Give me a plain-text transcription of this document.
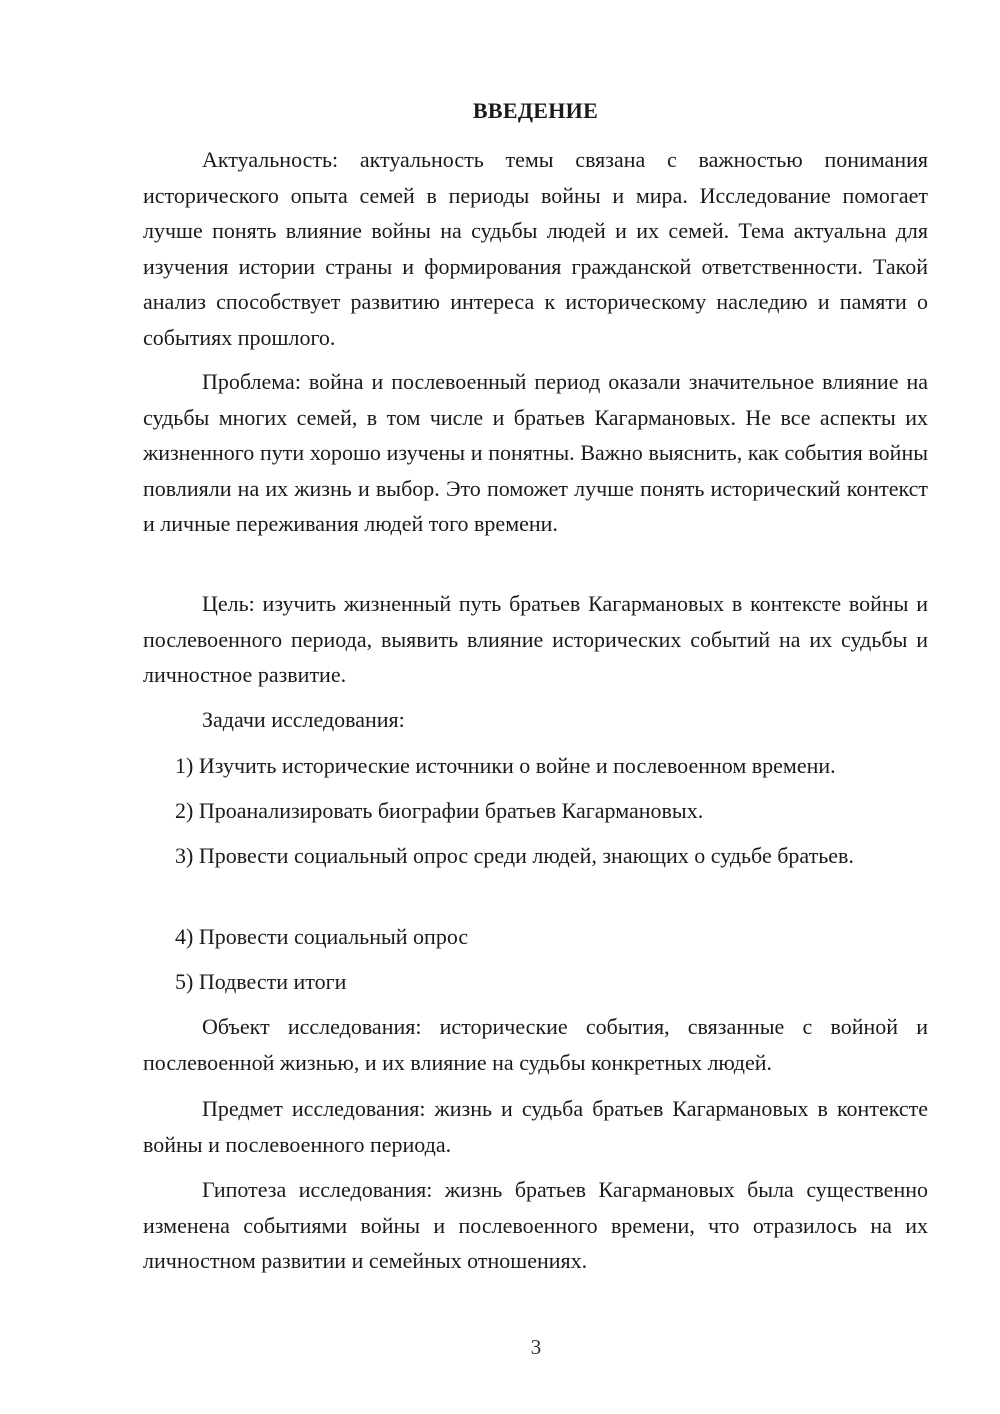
ВВЕДЕНИЕ

Актуальность: актуальность темы связана с важностью понимания исторического опыта семей в периоды войны и мира. Исследование помогает лучше понять влияние войны на судьбы людей и их семей. Тема актуальна для изучения истории страны и формирования гражданской ответственности. Такой анализ способствует развитию интереса к историческому наследию и памяти о событиях прошлого.

Проблема: война и послевоенный период оказали значительное влияние на судьбы многих семей, в том числе и братьев Кагармановых. Не все аспекты их жизненного пути хорошо изучены и понятны. Важно выяснить, как события войны повлияли на их жизнь и выбор. Это поможет лучше понять исторический контекст и личные переживания людей того времени.

Цель: изучить жизненный путь братьев Кагармановых в контексте войны и послевоенного периода, выявить влияние исторических событий на их судьбы и личностное развитие.

Задачи исследования:

1) Изучить исторические источники о войне и послевоенном времени.

2) Проанализировать биографии братьев Кагармановых.

3) Провести социальный опрос среди людей, знающих о судьбе братьев.

4) Провести социальный опрос

5) Подвести итоги

Объект исследования: исторические события, связанные с войной и послевоенной жизнью, и их влияние на судьбы конкретных людей.

Предмет исследования: жизнь и судьба братьев Кагармановых в контексте войны и послевоенного периода.

Гипотеза исследования: жизнь братьев Кагармановых была существенно изменена событиями войны и послевоенного времени, что отразилось на их личностном развитии и семейных отношениях.

3
